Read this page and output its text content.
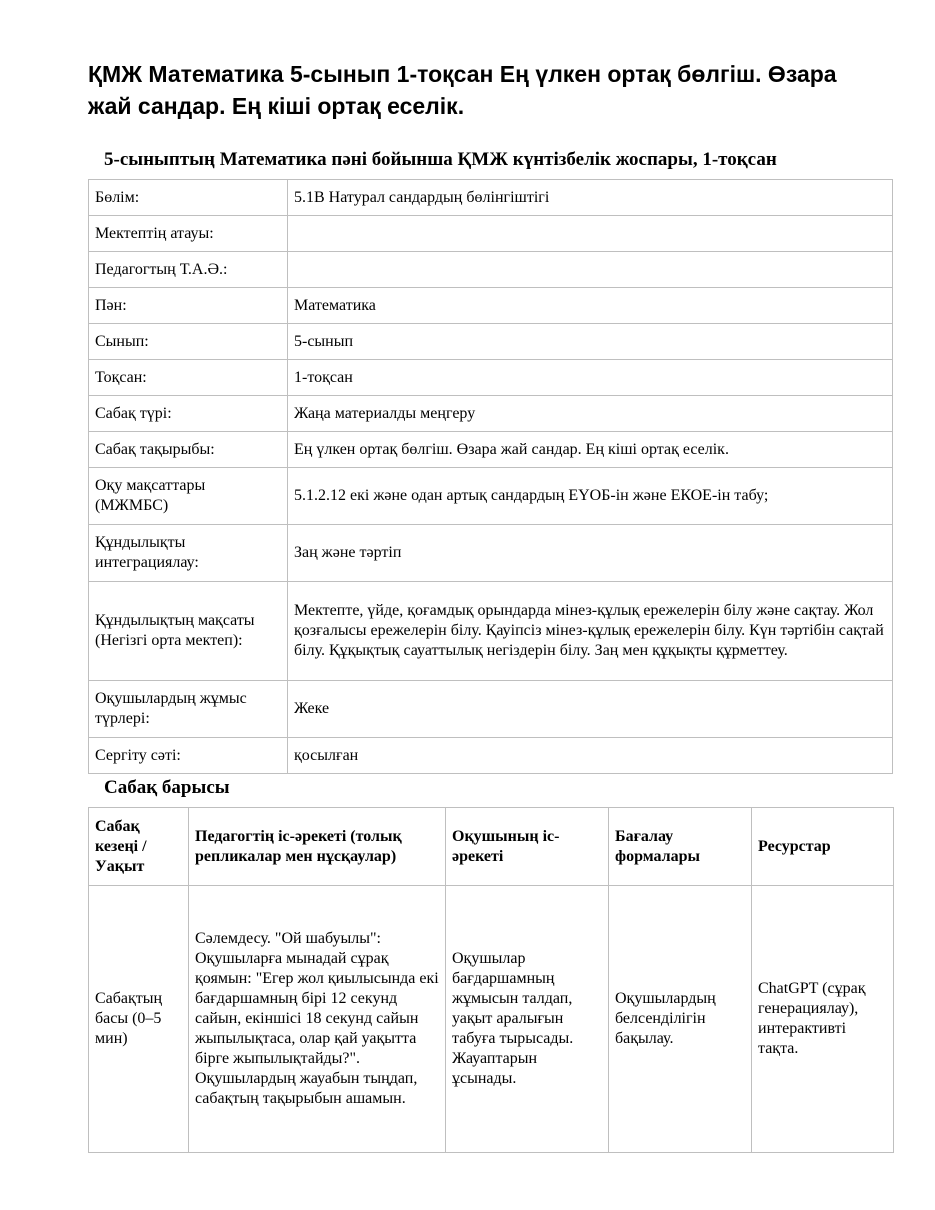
ҚМЖ Математика 5-сынып 1-тоқсан Ең үлкен ортақ бөлгіш. Өзара жай сандар. Ең кіші ортақ еселік.
5-сыныптың Математика пәні бойынша ҚМЖ күнтізбелік жоспары, 1-тоқсан
Бөлім:	5.1B Натурал сандардың бөлінгіштігі
Мектептің атауы:	
Педагогтың Т.А.Ә.:	
Пән:	Математика
Сынып:	5-сынып
Тоқсан:	1-тоқсан
Сабақ түрі:	Жаңа материалды меңгеру
Сабақ тақырыбы:	Ең үлкен ортақ бөлгіш. Өзара жай сандар. Ең кіші ортақ еселік.
Оқу мақсаттары (МЖМБС)	5.1.2.12 екі және одан артық сандардың ЕҮОБ-ін және ЕКОЕ-ін табу;
Құндылықты интеграциялау:	Заң және тәртіп
Құндылықтың мақсаты (Негізгі орта мектеп):	Мектепте, үйде, қоғамдық орындарда мінез-құлық ережелерін білу және сақтау. Жол қозғалысы ережелерін білу. Қауіпсіз мінез-құлық ережелерін білу. Күн тәртібін сақтай білу. Құқықтық сауаттылық негіздерін білу. Заң мен құқықты құрметтеу.
Оқушылардың жұмыс түрлері:	Жеке
Сергіту сәті:	қосылған
Сабақ барысы
Сабақ кезеңі / Уақыт	Педагогтің іс-әрекеті (толық репликалар мен нұсқаулар)	Оқушының іс-әрекеті	Бағалау формалары	Ресурстар
Сабақтың басы (0–5 мин)	Сәлемдесу. "Ой шабуылы": Оқушыларға мынадай сұрақ қоямын: "Егер жол қиылысында екі бағдаршамның бірі 12 секунд сайын, екіншісі 18 секунд сайын жыпылықтаса, олар қай уақытта бірге жыпылықтайды?". Оқушылардың жауабын тыңдап, сабақтың тақырыбын ашамын.	Оқушылар бағдаршамның жұмысын талдап, уақыт аралығын табуға тырысады. Жауаптарын ұсынады.	Оқушылардың белсенділігін бақылау.	ChatGPT (сұрақ генерациялау), интерактивті тақта.
